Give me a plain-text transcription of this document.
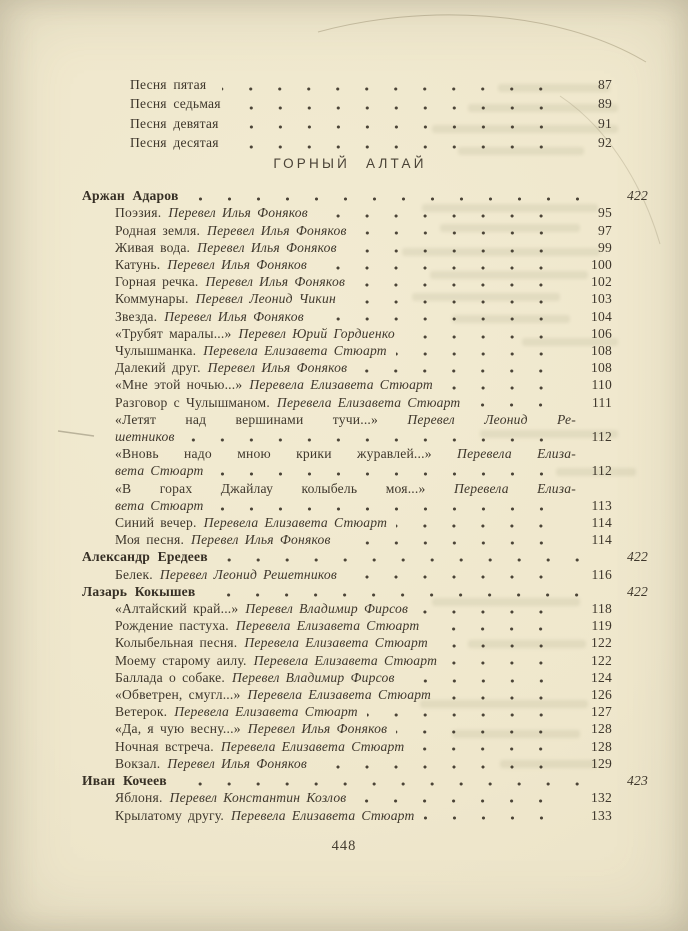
Песня пятая	87
Песня седьмая	89
Песня девятая	91
Песня десятая	92
ГОРНЫЙ АЛТАЙ
Аржан Адаров	422
Поэзия. Перевел Илья Фоняков	95
Родная земля. Перевел Илья Фоняков	97
Живая вода. Перевел Илья Фоняков	99
Катунь. Перевел Илья Фоняков	100
Горная речка. Перевел Илья Фоняков	102
Коммунары. Перевел Леонид Чикин	103
Звезда. Перевел Илья Фоняков	104
«Трубят маралы...» Перевел Юрий Гордиенко	106
Чулышманка. Перевела Елизавета Стюарт	108
Далекий друг. Перевел Илья Фоняков	108
«Мне этой ночью...» Перевела Елизавета Стюарт	110
Разговор с Чулышманом. Перевела Елизавета Стюарт	111
«Летят над вершинами тучи...» Перевел Леонид Ре-
шетников	112
«Вновь надо мною крики журавлей...» Перевела Елиза-
вета Стюарт	112
«В горах Джайлау колыбель моя...» Перевела Елиза-
вета Стюарт	113
Синий вечер. Перевела Елизавета Стюарт	114
Моя песня. Перевел Илья Фоняков	114
Александр Ередеев	422
Белек. Перевел Леонид Решетников	116
Лазарь Кокышев	422
«Алтайский край...» Перевел Владимир Фирсов	118
Рождение пастуха. Перевела Елизавета Стюарт	119
Колыбельная песня. Перевела Елизавета Стюарт	122
Моему старому аилу. Перевела Елизавета Стюарт	122
Баллада о собаке. Перевел Владимир Фирсов	124
«Обветрен, смугл...» Перевела Елизавета Стюарт	126
Ветерок. Перевела Елизавета Стюарт	127
«Да, я чую весну...» Перевел Илья Фоняков	128
Ночная встреча. Перевела Елизавета Стюарт	128
Вокзал. Перевел Илья Фоняков	129
Иван Кочеев	423
Яблоня. Перевел Константин Козлов	132
Крылатому другу. Перевела Елизавета Стюарт	133
448
